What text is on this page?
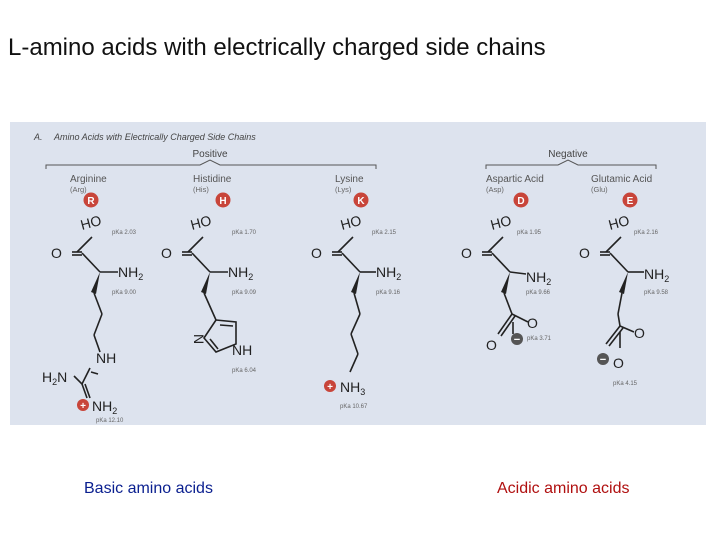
L-amino acids with electrically charged side chains
A. Amino Acids with Electrically Charged Side Chains
Positive	Negative
Arginine
(Arg)
Histidine
(His)
Lysine
(Lys)
Aspartic Acid
(Asp)
Glutamic Acid
(Glu)
R	H	K	D	E
HO
O
$NH_2$
NH
$H_2N$
+ $NH_2$
pKa 2.03
pKa 9.00
pKa 12.10
HO
O
$NH_2$
N
NH
pKa 1.70
pKa 9.09
pKa 6.04
HO
O
$NH_2$
+ $NH_3$
pKa 2.15
pKa 9.16
pKa 10.67
HO
O
$NH_2$
O
O −
pKa 1.95
pKa 9.66
pKa 3.71
HO
O
$NH_2$
O
O
−
pKa 2.16
pKa 9.58
pKa 4.15
Basic amino acids	Acidic amino acids
